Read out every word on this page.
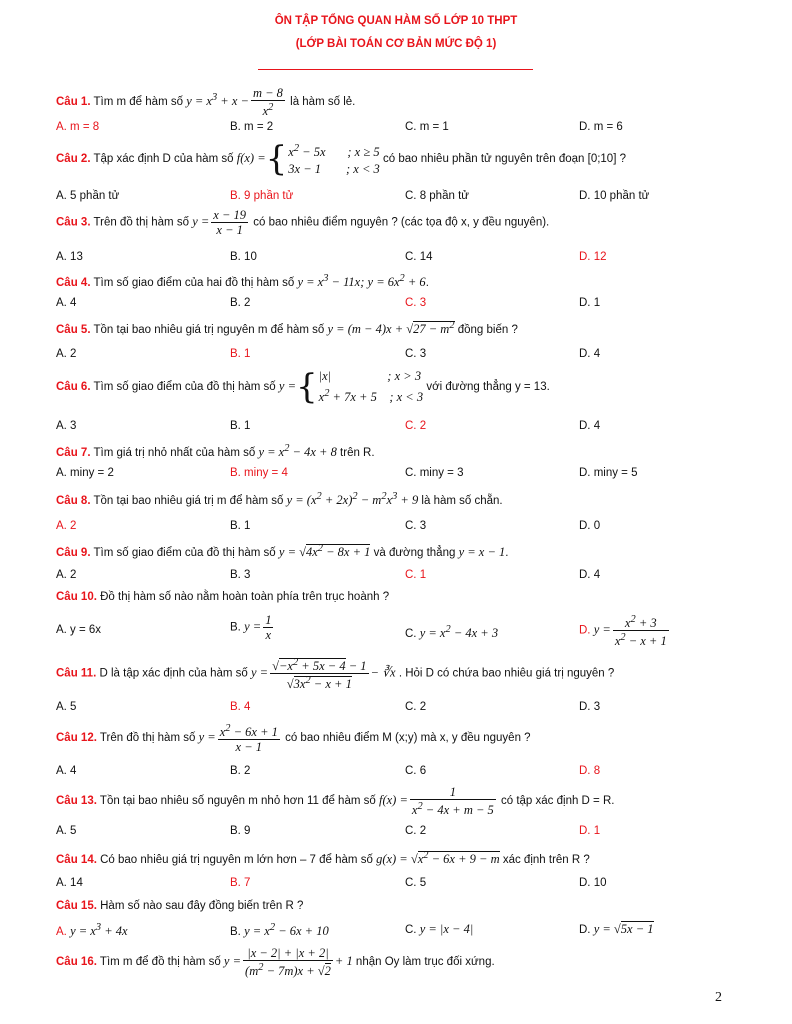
ÔN TẬP TỔNG QUAN HÀM SỐ LỚP 10 THPT
(LỚP BÀI TOÁN CƠ BẢN MỨC ĐỘ 1)
Câu 1. Tìm m để hàm số $y = x^3 + x - \frac{m - 8}{x^2}$ là hàm số lẻ.
A. m = 8	B. m = 2	C. m = 1	D. m = 6
Câu 2. Tập xác định D của hàm số $f(x) =\{x^2 - 5x$       ; x ≥ 5
3x − 1        ; x < 3 có bao nhiêu phần tử nguyên trên đoạn [0;10] ?
A. 5 phần tử	B. 9 phần tử	C. 8 phần tử	D. 10 phần tử
Câu 3. Trên đồ thị hàm số $y = \frac{x - 19}{x - 1}$ có bao nhiêu điểm nguyên ? (các tọa độ x, y đều nguyên).
A. 13	B. 10	C. 14	D. 12
Câu 4. Tìm số giao điểm của hai đồ thị hàm số $y = x^3 - 11x$; $y = 6x^2 + 6$.
A. 4	B. 2	C. 3	D. 1
Câu 5. Tồn tại bao nhiêu giá trị nguyên m để hàm số $y = (m - 4)x + √27 - m^2$ đồng biến ?
A. 2	B. 1	C. 3	D. 4
Câu 6. Tìm số giao điểm của đồ thị hàm số y ={|x|                  ; x > 3
$x^2 + 7x + 5$    ; x < 3 với đường thẳng y = 13.
A. 3	B. 1	C. 2	D. 4
Câu 7. Tìm giá trị nhỏ nhất của hàm số $y = x^2 - 4x + 8$ trên R.
A. miny = 2	B. miny = 4	C. miny = 3	D. miny = 5
Câu 8. Tồn tại bao nhiêu giá trị m để hàm số $y = (x^2 + 2x)^2 - m^2x^3 + 9$ là hàm số chẵn.
A. 2	B. 1	C. 3	D. 0
Câu 9. Tìm số giao điểm của đồ thị hàm số $y = √4x^2 - 8x + 1$ và đường thẳng y = x − 1.
A. 2	B. 3	C. 1	D. 4
Câu 10. Đồ thị hàm số nào nằm hoàn toàn phía trên trục hoành ?
A. y = 6x	B. $y = \frac{1}{x}$	C. $y = x^2 - 4x + 3$	D. $y = \frac{x^2 + 3}{x^2 - x + 1}$
Câu 11. D là tập xác định của hàm số $y = \frac{√-x^2 + 5x - 4 - 1}{√3x^2 - x + 1}$ − ∛x . Hỏi D có chứa bao nhiêu giá trị nguyên ?
A. 5	B. 4	C. 2	D. 3
Câu 12. Trên đồ thị hàm số $y = \frac{x^2 - 6x + 1}{x - 1}$ có bao nhiêu điểm M (x;y) mà x, y đều nguyên ?
A. 4	B. 2	C. 6	D. 8
Câu 13. Tồn tại bao nhiêu số nguyên m nhỏ hơn 11 để hàm số $f(x) = \frac{1}{x^2 - 4x + m - 5}$ có tập xác định D = R.
A. 5	B. 9	C. 2	D. 1
Câu 14. Có bao nhiêu giá trị nguyên m lớn hơn – 7 để hàm số $g(x) = √x^2 - 6x + 9 - m$ xác định trên R ?
A. 14	B. 7	C. 5	D. 10
Câu 15. Hàm số nào sau đây đồng biến trên R ?
A. $y = x^3 + 4x$	B. $y = x^2 - 6x + 10$	C. y = |x − 4|	D. y = √5x − 1
Câu 16. Tìm m để đồ thị hàm số $y = \frac{|x - 2| + |x + 2|}{(m^2 - 7m)x + √2} + 1$ nhận Oy làm trục đối xứng.
2
